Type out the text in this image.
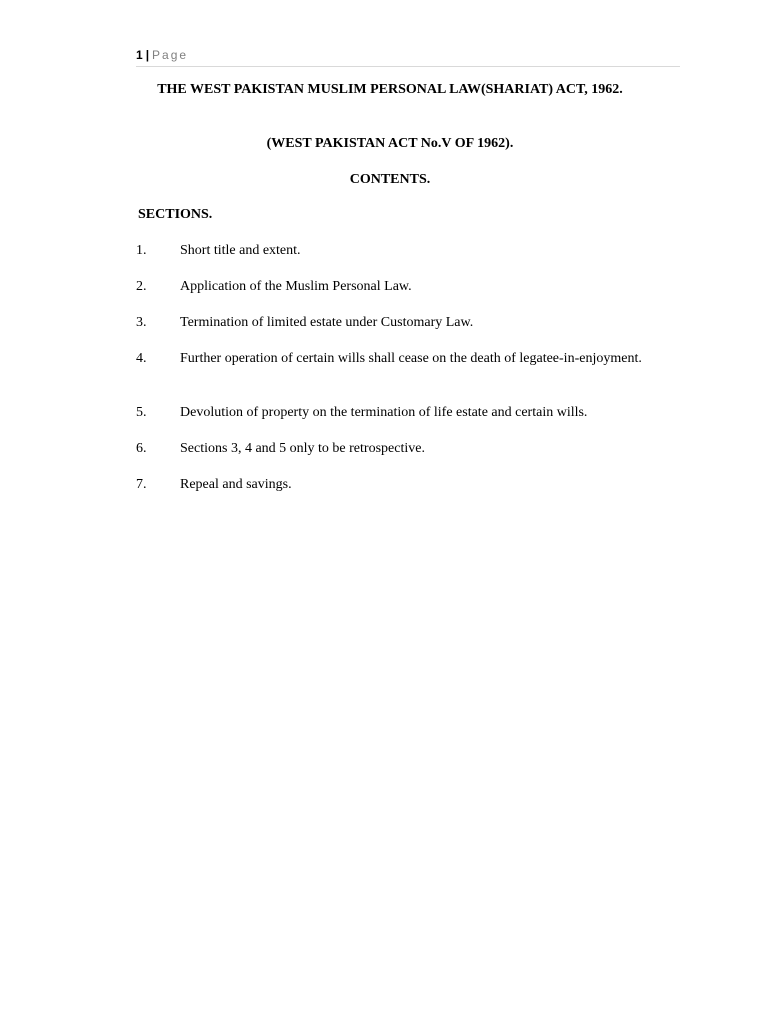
1 | Page
THE WEST PAKISTAN MUSLIM PERSONAL LAW(SHARIAT) ACT, 1962.
(WEST PAKISTAN ACT No.V OF 1962).
CONTENTS.
SECTIONS.
1. Short title and extent.
2. Application of the Muslim Personal Law.
3. Termination of limited estate under Customary Law.
4.	Further operation of certain wills shall cease on the death of legatee-in-enjoyment.
5. Devolution of property on the termination of life estate and certain wills.
6. Sections 3, 4 and 5 only to be retrospective.
7. Repeal and savings.
